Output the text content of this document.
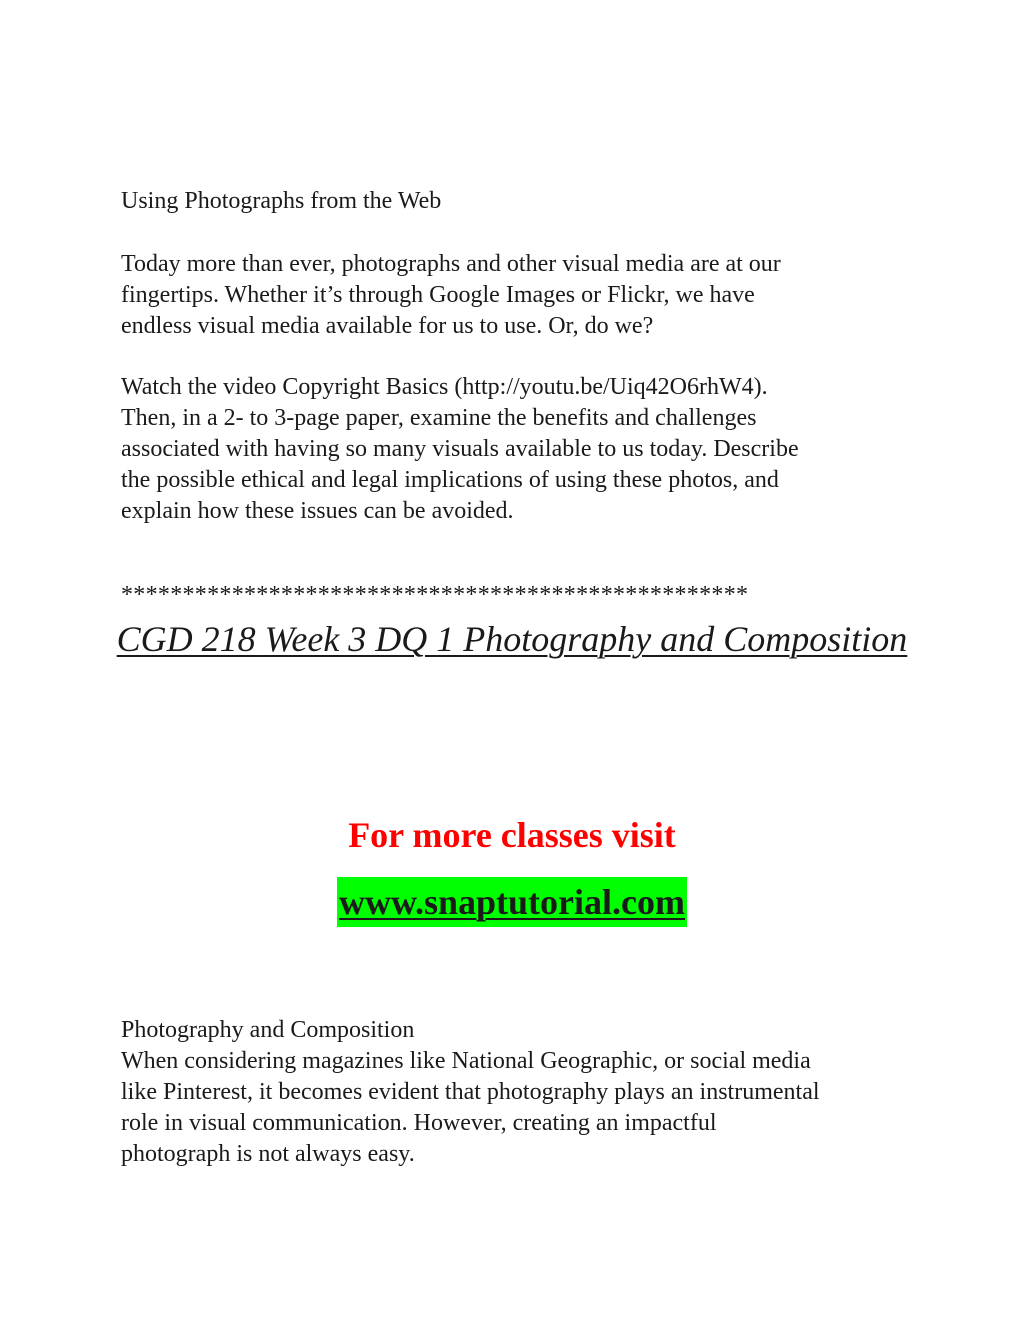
Using Photographs from the Web

Today more than ever, photographs and other visual media are at our
fingertips. Whether it’s through Google Images or Flickr, we have
endless visual media available for us to use. Or, do we?

Watch the video Copyright Basics (http://youtu.be/Uiq42O6rhW4).
Then, in a 2- to 3-page paper, examine the benefits and challenges
associated with having so many visuals available to us today. Describe
the possible ethical and legal implications of using these photos, and
explain how these issues can be avoided.

***************************************************

CGD 218 Week 3 DQ 1 Photography and Composition
For more classes visit
www.snaptutorial.com

Photography and Composition

When considering magazines like National Geographic, or social media
like Pinterest, it becomes evident that photography plays an instrumental
role in visual communication. However, creating an impactful
photograph is not always easy.
